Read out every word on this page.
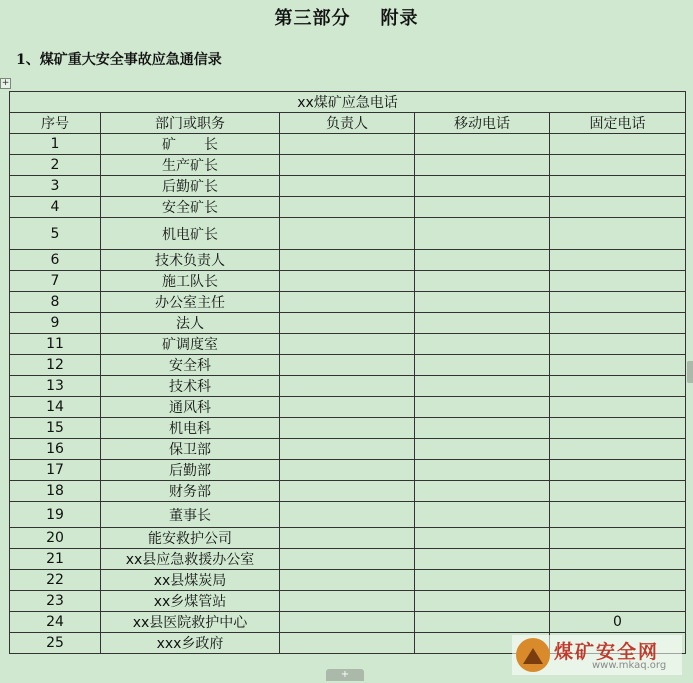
第三部分 附录
1、煤矿重大安全事故应急通信录
+
xx煤矿应急电话				
序号	部门或职务	负责人	移动电话	固定电话
1	矿　　长			
2	生产矿长			
3	后勤矿长			
4	安全矿长			
5	机电矿长			
6	技术负责人			
7	施工队长			
8	办公室主任			
9	法人			
11	矿调度室			
12	安全科			
13	技术科			
14	通风科			
15	机电科			
16	保卫部			
17	后勤部			
18	财务部			
19	董事长			
20	能安救护公司			
21	xx县应急救援办公室			
22	xx县煤炭局			
23	xx乡煤管站			
24	xx县医院救护中心			0
25	xxx乡政府			
+
煤矿安全网
www.mkaq.org
